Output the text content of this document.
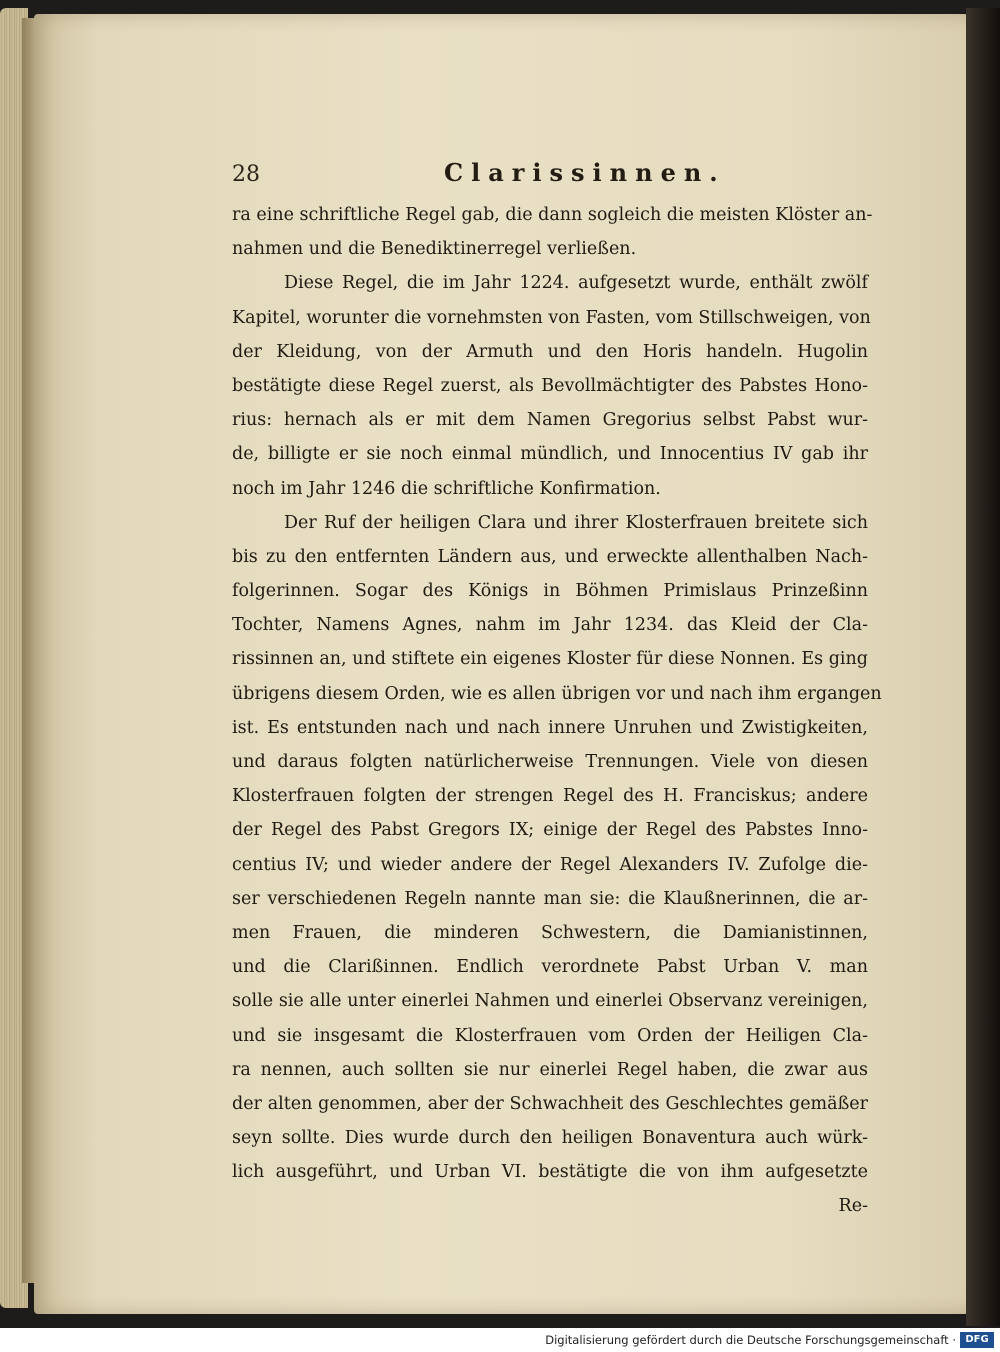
28	Clarissinnen.
ra eine schriftliche Regel gab, die dann sogleich die meisten Klöster an-
nahmen und die Benediktinerregel verließen.
Diese Regel, die im Jahr 1224. aufgesetzt wurde, enthält zwölf
Kapitel, worunter die vornehmsten von Fasten, vom Stillschweigen, von
der Kleidung, von der Armuth und den Horis handeln. Hugolin
bestätigte diese Regel zuerst, als Bevollmächtigter des Pabstes Hono-
rius: hernach als er mit dem Namen Gregorius selbst Pabst wur-
de, billigte er sie noch einmal mündlich, und Innocentius IV gab ihr
noch im Jahr 1246 die schriftliche Konfirmation.
Der Ruf der heiligen Clara und ihrer Klosterfrauen breitete sich
bis zu den entfernten Ländern aus, und erweckte allenthalben Nach-
folgerinnen. Sogar des Königs in Böhmen Primislaus Prinzeßinn
Tochter, Namens Agnes, nahm im Jahr 1234. das Kleid der Cla-
rissinnen an, und stiftete ein eigenes Kloster für diese Nonnen. Es ging
übrigens diesem Orden, wie es allen übrigen vor und nach ihm ergangen
ist. Es entstunden nach und nach innere Unruhen und Zwistigkeiten,
und daraus folgten natürlicherweise Trennungen. Viele von diesen
Klosterfrauen folgten der strengen Regel des H. Franciskus; andere
der Regel des Pabst Gregors IX; einige der Regel des Pabstes Inno-
centius IV; und wieder andere der Regel Alexanders IV. Zufolge die-
ser verschiedenen Regeln nannte man sie: die Klaußnerinnen, die ar-
men Frauen, die minderen Schwestern, die Damianistinnen,
und die Clarißinnen. Endlich verordnete Pabst Urban V. man
solle sie alle unter einerlei Nahmen und einerlei Observanz vereinigen,
und sie insgesamt die Klosterfrauen vom Orden der Heiligen Cla-
ra nennen, auch sollten sie nur einerlei Regel haben, die zwar aus
der alten genommen, aber der Schwachheit des Geschlechtes gemäßer
seyn sollte. Dies wurde durch den heiligen Bonaventura auch würk-
lich ausgeführt, und Urban VI. bestätigte die von ihm aufgesetzte
Re-
Digitalisierung gefördert durch die Deutsche Forschungsgemeinschaft · DFG
